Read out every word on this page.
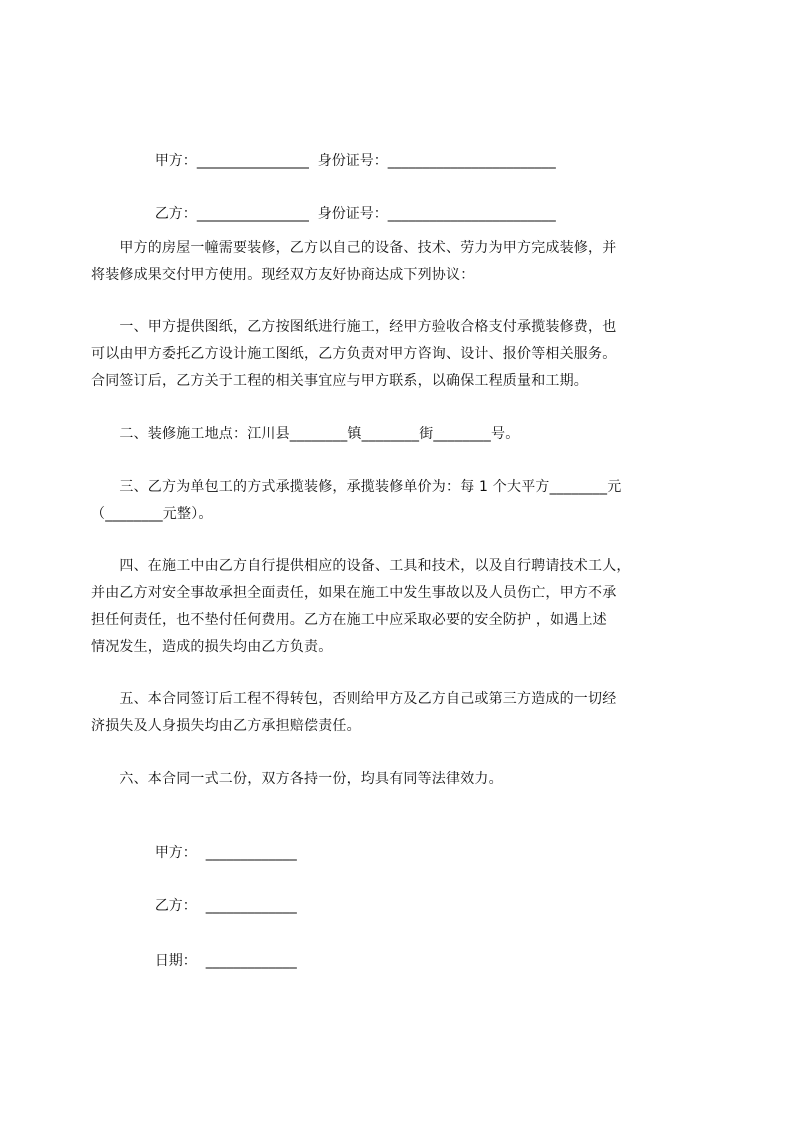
甲方：________________ 身份证号：________________________

乙方：________________ 身份证号：________________________

　　甲方的房屋一幢需要装修，乙方以自己的设备、技术、劳力为甲方完成装修，并

将装修成果交付甲方使用。现经双方友好协商达成下列协议：

　　一、甲方提供图纸，乙方按图纸进行施工，经甲方验收合格支付承揽装修费，也

可以由甲方委托乙方设计施工图纸，乙方负责对甲方咨询、设计、报价等相关服务。

合同签订后，乙方关于工程的相关事宜应与甲方联系，以确保工程质量和工期。

　　二、装修施工地点：江川县________镇________街________号。

　　三、乙方为单包工的方式承揽装修，承揽装修单价为：每 1 个大平方________元

（________元整）。

　　四、在施工中由乙方自行提供相应的设备、工具和技术，以及自行聘请技术工人，

并由乙方对安全事故承担全面责任，如果在施工中发生事故以及人员伤亡，甲方不承

担任何责任，也不垫付任何费用。乙方在施工中应采取必要的安全防护 ，如遇上述

情况发生，造成的损失均由乙方负责。

　　五、本合同签订后工程不得转包，否则给甲方及乙方自己或第三方造成的一切经

济损失及人身损失均由乙方承担赔偿责任。

　　六、本合同一式二份，双方各持一份，均具有同等法律效力。

甲方： _____________

乙方： _____________

日期： _____________
